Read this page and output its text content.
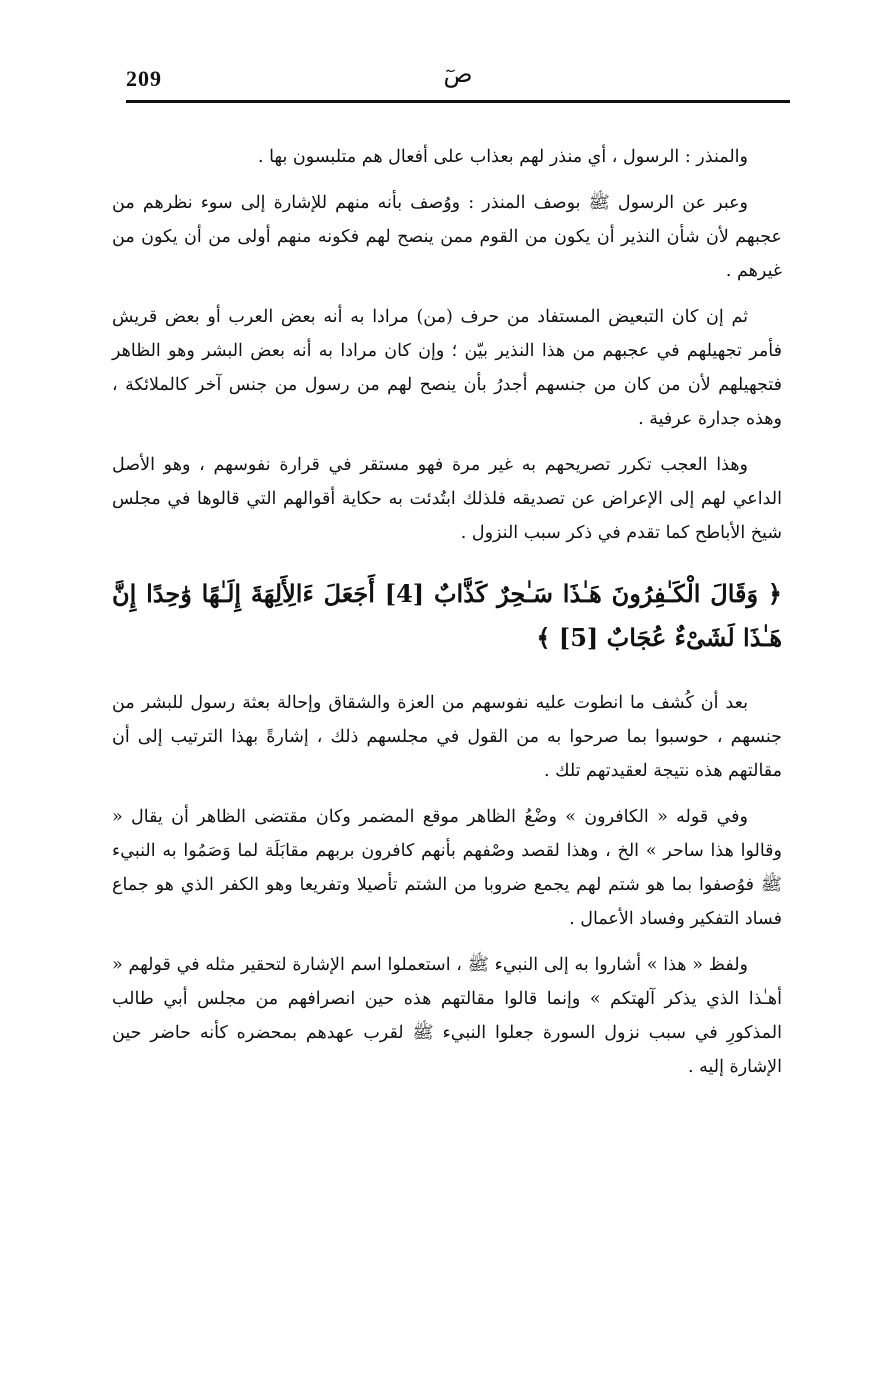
209	صٓ

والمنذر : الرسول ، أي منذر لهم بعذاب على أفعال هم متلبسون بها .

وعبر عن الرسول ﷺ بوصف المنذر : ووُصف بأنه منهم للإشارة إلى سوء نظرهم من عجبهم لأن شأن النذير أن يكون من القوم ممن ينصح لهم فكونه منهم أولى من أن يكون من غيرهم .

ثم إن كان التبعيض المستفاد من حرف (من) مرادا به أنه بعض العرب أو بعض قريش فأمر تجهيلهم في عجبهم من هذا النذير بيّن ؛ وإن كان مرادا به أنه بعض البشر وهو الظاهر فتجهيلهم لأن من كان من جنسهم أجدرُ بأن ينصح لهم من رسول من جنس آخر كالملائكة ، وهذه جدارة عرفية .

وهذا العجب تكرر تصريحهم به غير مرة فهو مستقر في قرارة نفوسهم ، وهو الأصل الداعي لهم إلى الإعراض عن تصديقه فلذلك ابتُدئت به حكاية أقوالهم التي قالوها في مجلس شيخ الأباطح كما تقدم في ذكر سبب النزول .

﴿ وَقَالَ الْكَـٰفِرُونَ هَـٰذَا سَـٰحِرٌ كَذَّابٌ [4] أَجَعَلَ ءَالِأَلِهَةَ إِلَـٰهًا وَٰحِدًا إِنَّ هَـٰذَا لَشَىْءٌ عُجَابٌ [5] ﴾

بعد أن كُشف ما انطوت عليه نفوسهم من العزة والشقاق وإحالة بعثة رسول للبشر من جنسهم ، حوسبوا بما صرحوا به من القول في مجلسهم ذلك ، إشارةً بهذا الترتيب إلى أن مقالتهم هذه نتيجة لعقيدتهم تلك .

وفي قوله « الكافرون » وضْعُ الظاهر موقع المضمر وكان مقتضى الظاهر أن يقال « وقالوا هذا ساحر » الخ ، وهذا لقصد وصْفهم بأنهم كافرون بربهم مقابَلَة لما وَصَمُوا به النبيء ﷺ فوُصفوا بما هو شتم لهم يجمع ضروبا من الشتم تأصيلا وتفريعا وهو الكفر الذي هو جماع فساد التفكير وفساد الأعمال .

ولفظ « هذا » أشاروا به إلى النبيء ﷺ ، استعملوا اسم الإشارة لتحقير مثله في قولهم « أهـٰذا الذي يذكر آلهتكم » وإنما قالوا مقالتهم هذه حين انصرافهم من مجلس أبي طالب المذكورِ في سبب نزول السورة جعلوا النبيء ﷺ لقرب عهدهم بمحضره كأنه حاضر حين الإشارة إليه .
